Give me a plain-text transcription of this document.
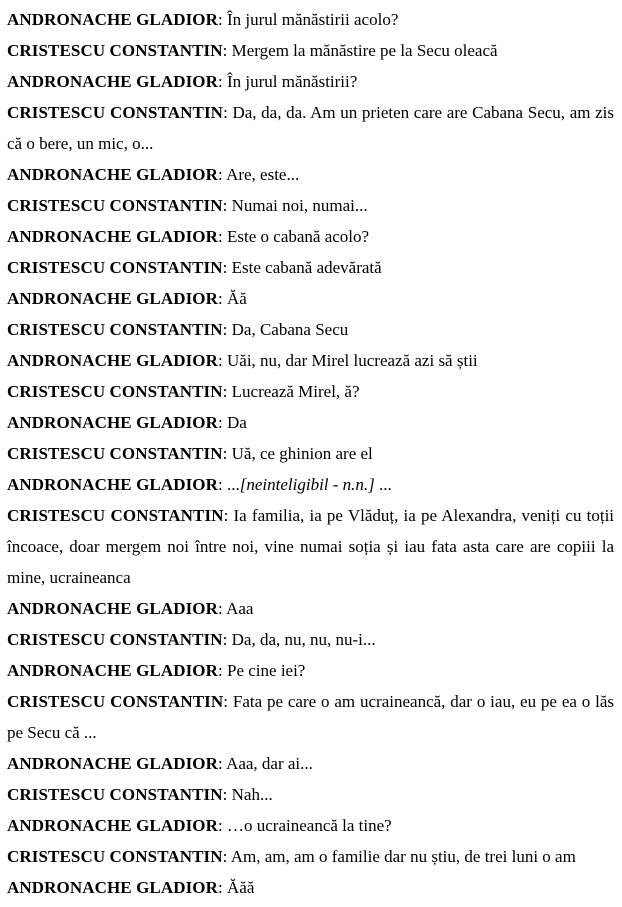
ANDRONACHE GLADIOR: În jurul mănăstirii acolo?

CRISTESCU CONSTANTIN: Mergem la mănăstire pe la Secu oleacă

ANDRONACHE GLADIOR: În jurul mănăstirii?

CRISTESCU CONSTANTIN: Da, da, da. Am un prieten care are Cabana Secu, am zis că o bere, un mic, o...

ANDRONACHE GLADIOR: Are, este...

CRISTESCU CONSTANTIN: Numai noi, numai...

ANDRONACHE GLADIOR: Este o cabană acolo?

CRISTESCU CONSTANTIN: Este cabană adevărată

ANDRONACHE GLADIOR: Ăă

CRISTESCU CONSTANTIN: Da, Cabana Secu

ANDRONACHE GLADIOR: Uăi, nu, dar Mirel lucrează azi să știi

CRISTESCU CONSTANTIN: Lucrează Mirel, ă?

ANDRONACHE GLADIOR: Da

CRISTESCU CONSTANTIN: Uă, ce ghinion are el

ANDRONACHE GLADIOR: ...[neinteligibil - n.n.] ...

CRISTESCU CONSTANTIN: Ia familia, ia pe Vlăduț, ia pe Alexandra, veniți cu toții încoace, doar mergem noi între noi, vine numai soția și iau fata asta care are copiii la mine, ucraineanca

ANDRONACHE GLADIOR: Aaa

CRISTESCU CONSTANTIN: Da, da, nu, nu, nu-i...

ANDRONACHE GLADIOR: Pe cine iei?

CRISTESCU CONSTANTIN: Fata pe care o am ucraineancă, dar o iau, eu pe ea o lăs pe Secu că ...

ANDRONACHE GLADIOR: Aaa, dar ai...

CRISTESCU CONSTANTIN: Nah...

ANDRONACHE GLADIOR: …o ucraineancă la tine?

CRISTESCU CONSTANTIN: Am, am, am o familie dar nu știu, de trei luni o am

ANDRONACHE GLADIOR: Ăăă
